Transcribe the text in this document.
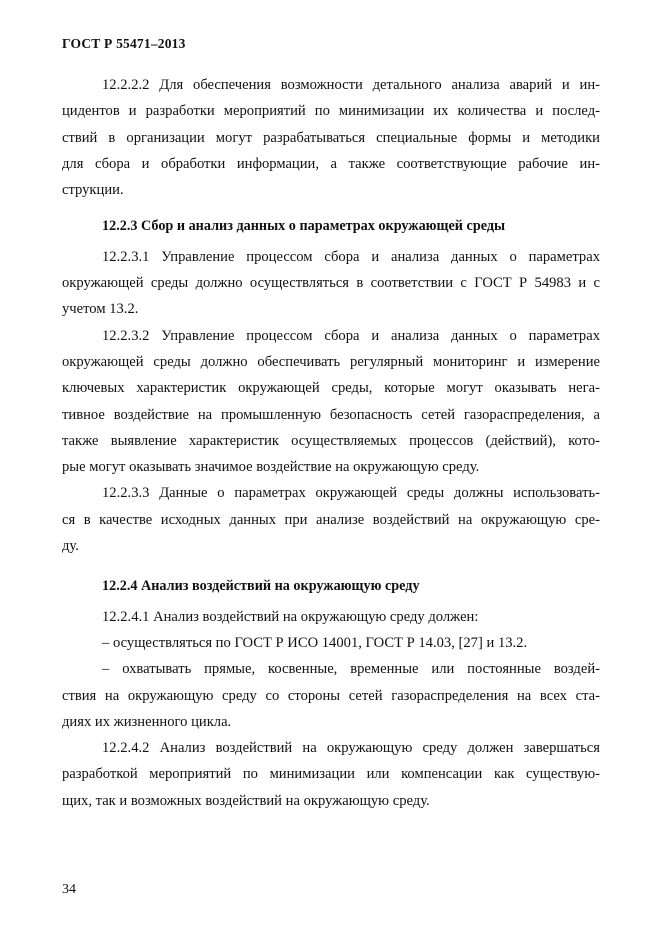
ГОСТ Р 55471–2013
12.2.2.2 Для обеспечения возможности детального анализа аварий и ин-
цидентов и разработки мероприятий по минимизации их количества и послед-
ствий в организации могут разрабатываться специальные формы и методики
для сбора и обработки информации, а также соответствующие рабочие ин-
струкции.
12.2.3 Сбор и анализ данных о параметрах окружающей среды
12.2.3.1 Управление процессом сбора и анализа данных о параметрах
окружающей среды должно осуществляться в соответствии с ГОСТ Р 54983 и с
учетом 13.2.
12.2.3.2 Управление процессом сбора и анализа данных о параметрах
окружающей среды должно обеспечивать регулярный мониторинг и измерение
ключевых характеристик окружающей среды, которые могут оказывать нега-
тивное воздействие на промышленную безопасность сетей газораспределения, а
также выявление характеристик осуществляемых процессов (действий), кото-
рые могут оказывать значимое воздействие на окружающую среду.
12.2.3.3 Данные о параметрах окружающей среды должны использовать-
ся в качестве исходных данных при анализе воздействий на окружающую сре-
ду.
12.2.4 Анализ воздействий на окружающую среду
12.2.4.1 Анализ воздействий на окружающую среду должен:
– осуществляться по ГОСТ Р ИСО 14001, ГОСТ Р 14.03, [27] и 13.2.
– охватывать прямые, косвенные, временные или постоянные воздей-
ствия на окружающую среду со стороны сетей газораспределения на всех ста-
диях их жизненного цикла.
12.2.4.2 Анализ воздействий на окружающую среду должен завершаться
разработкой мероприятий по минимизации или компенсации как существую-
щих, так и возможных воздействий на окружающую среду.
34
